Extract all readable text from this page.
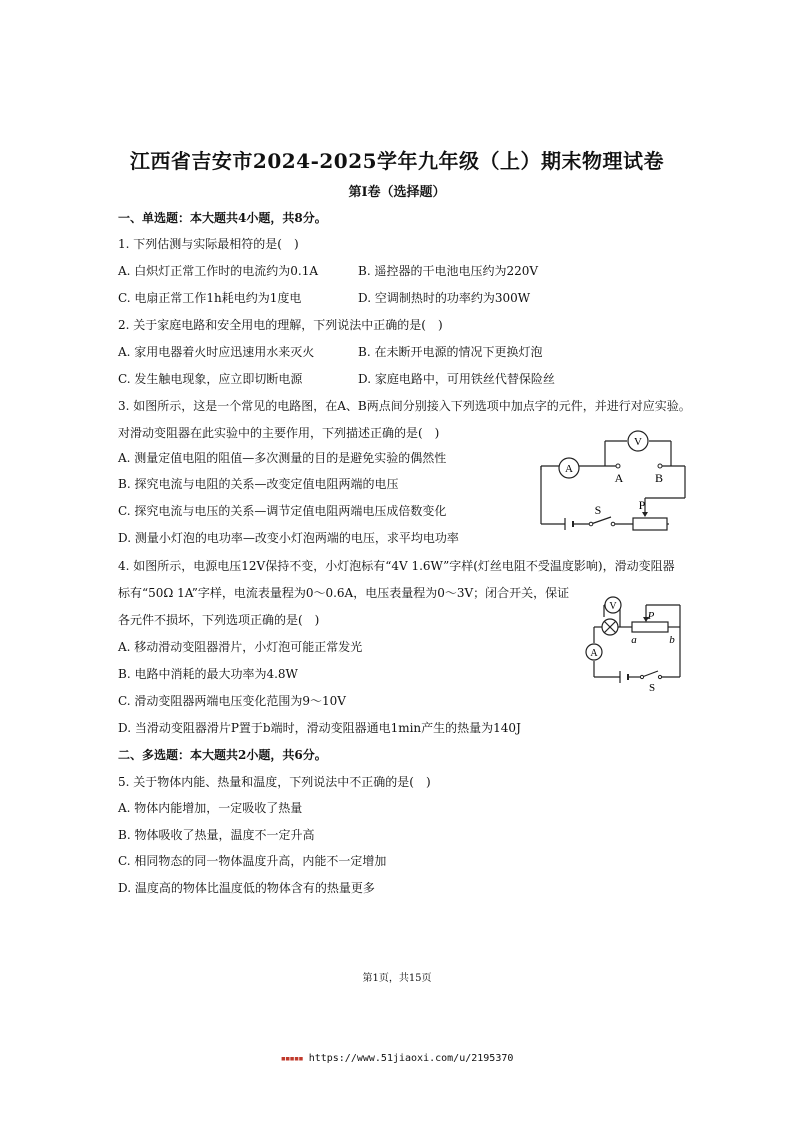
江西省吉安市2024-2025学年九年级（上）期末物理试卷
第I卷（选择题）
一、单选题：本大题共4小题，共8分。
1. 下列估测与实际最相符的是(　)
A. 白炽灯正常工作时的电流约为0.1A	B. 遥控器的干电池电压约为220V
C. 电扇正常工作1h耗电约为1度电	D. 空调制热时的功率约为300W
2. 关于家庭电路和安全用电的理解，下列说法中正确的是(　)
A. 家用电器着火时应迅速用水来灭火	B. 在未断开电源的情况下更换灯泡
C. 发生触电现象，应立即切断电源	D. 家庭电路中，可用铁丝代替保险丝
3. 如图所示，这是一个常见的电路图，在A、B两点间分别接入下列选项中加点字的元件，并进行对应实验。
对滑动变阻器在此实验中的主要作用，下列描述正确的是(　)
A. 测量定值电阻的阻值—多次测量的目的是避免实验的偶然性
B. 探究电流与电阻的关系—改变定值电阻两端的电压
C. 探究电流与电压的关系—调节定值电阻两端电压成倍数变化
D. 测量小灯泡的电功率—改变小灯泡两端的电压，求平均电功率
A
V
A	B
S	P
4. 如图所示，电源电压12V保持不变，小灯泡标有“4V 1.6W”字样(灯丝电阻不受温度影响)，滑动变阻器
标有“50Ω 1A”字样，电流表量程为0～0.6A，电压表量程为0～3V；闭合开关，保证
各元件不损坏，下列选项正确的是(　)
A. 移动滑动变阻器滑片，小灯泡可能正常发光
B. 电路中消耗的最大功率为4.8W
C. 滑动变阻器两端电压变化范围为9～10V
D. 当滑动变阻器滑片P置于b端时，滑动变阻器通电1min产生的热量为140J
V
A
P
a	b
S
二、多选题：本大题共2小题，共6分。
5. 关于物体内能、热量和温度，下列说法中不正确的是(　)
A. 物体内能增加，一定吸收了热量
B. 物体吸收了热量，温度不一定升高
C. 相同物态的同一物体温度升高，内能不一定增加
D. 温度高的物体比温度低的物体含有的热量更多
第1页，共15页
▪▪▪▪▪ https://www.51jiaoxi.com/u/2195370
